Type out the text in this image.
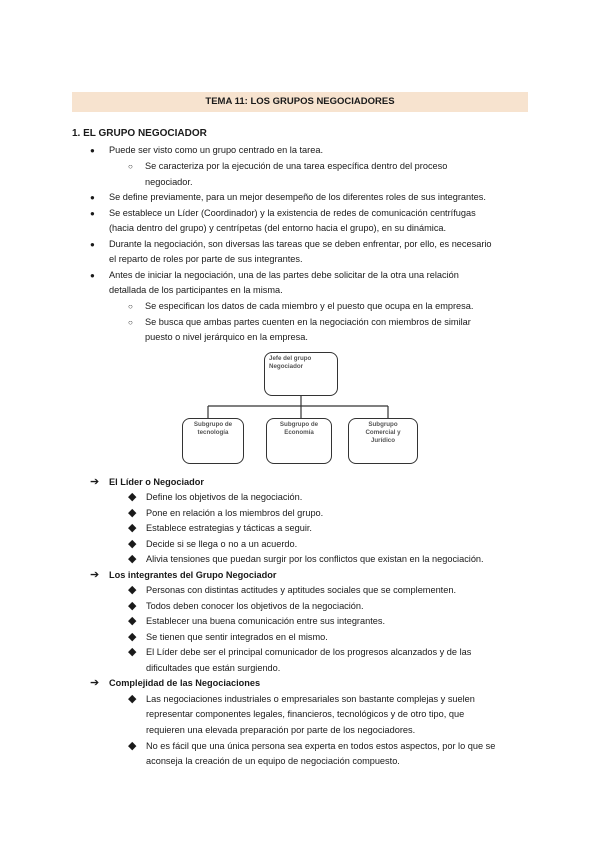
TEMA 11: LOS GRUPOS NEGOCIADORES
1. EL GRUPO NEGOCIADOR
● Puede ser visto como un grupo centrado en la tarea.
○ Se caracteriza por la ejecución de una tarea específica dentro del proceso
negociador.
● Se define previamente, para un mejor desempeño de los diferentes roles de sus integrantes.
● Se establece un Líder (Coordinador) y la existencia de redes de comunicación centrífugas
(hacia dentro del grupo) y centrípetas (del entorno hacia el grupo), en su dinámica.
● Durante la negociación, son diversas las tareas que se deben enfrentar, por ello, es necesario
el reparto de roles por parte de sus integrantes.
● Antes de iniciar la negociación, una de las partes debe solicitar de la otra una relación
detallada de los participantes en la misma.
○ Se especifican los datos de cada miembro y el puesto que ocupa en la empresa.
○ Se busca que ambas partes cuenten en la negociación con miembros de similar
puesto o nivel jerárquico en la empresa.
Jefe del grupo
Negociador
Subgrupo de
tecnología
Subgrupo de
Economía
Subgrupo
Comercial y
Jurídico
➔ El Líder o Negociador
◆ Define los objetivos de la negociación.
◆ Pone en relación a los miembros del grupo.
◆ Establece estrategias y tácticas a seguir.
◆ Decide si se llega o no a un acuerdo.
◆ Alivia tensiones que puedan surgir por los conflictos que existan en la negociación.
➔ Los integrantes del Grupo Negociador
◆ Personas con distintas actitudes y aptitudes sociales que se complementen.
◆ Todos deben conocer los objetivos de la negociación.
◆ Establecer una buena comunicación entre sus integrantes.
◆ Se tienen que sentir integrados en el mismo.
◆ El Líder debe ser el principal comunicador de los progresos alcanzados y de las
dificultades que están surgiendo.
➔ Complejidad de las Negociaciones
◆ Las negociaciones industriales o empresariales son bastante complejas y suelen
representar componentes legales, financieros, tecnológicos y de otro tipo, que
requieren una elevada preparación por parte de los negociadores.
◆ No es fácil que una única persona sea experta en todos estos aspectos, por lo que se
aconseja la creación de un equipo de negociación compuesto.
